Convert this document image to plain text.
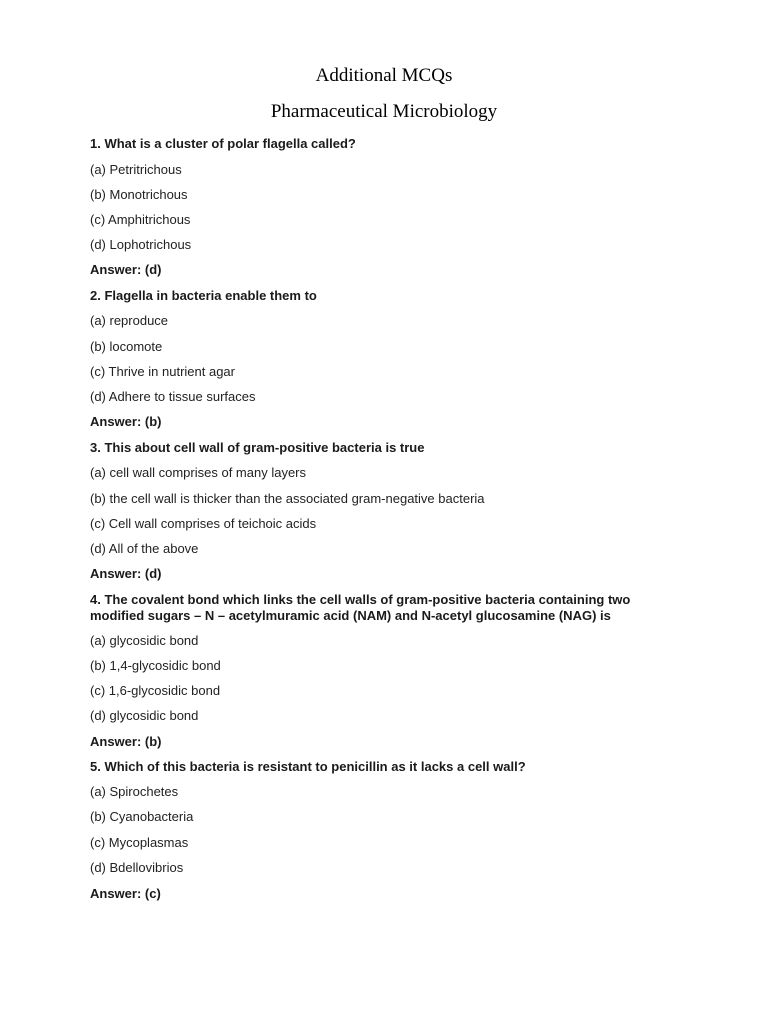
Additional MCQs
Pharmaceutical Microbiology
1. What is a cluster of polar flagella called?
(a) Petritrichous
(b) Monotrichous
(c) Amphitrichous
(d) Lophotrichous
Answer: (d)
2. Flagella in bacteria enable them to
(a) reproduce
(b) locomote
(c) Thrive in nutrient agar
(d) Adhere to tissue surfaces
Answer: (b)
3. This about cell wall of gram-positive bacteria is true
(a) cell wall comprises of many layers
(b) the cell wall is thicker than the associated gram-negative bacteria
(c) Cell wall comprises of teichoic acids
(d) All of the above
Answer: (d)
4. The covalent bond which links the cell walls of gram-positive bacteria containing two
modified sugars – N – acetylmuramic acid (NAM) and N-acetyl glucosamine (NAG) is
(a) glycosidic bond
(b) 1,4-glycosidic bond
(c) 1,6-glycosidic bond
(d) glycosidic bond
Answer: (b)
5. Which of this bacteria is resistant to penicillin as it lacks a cell wall?
(a) Spirochetes
(b) Cyanobacteria
(c) Mycoplasmas
(d) Bdellovibrios
Answer: (c)
